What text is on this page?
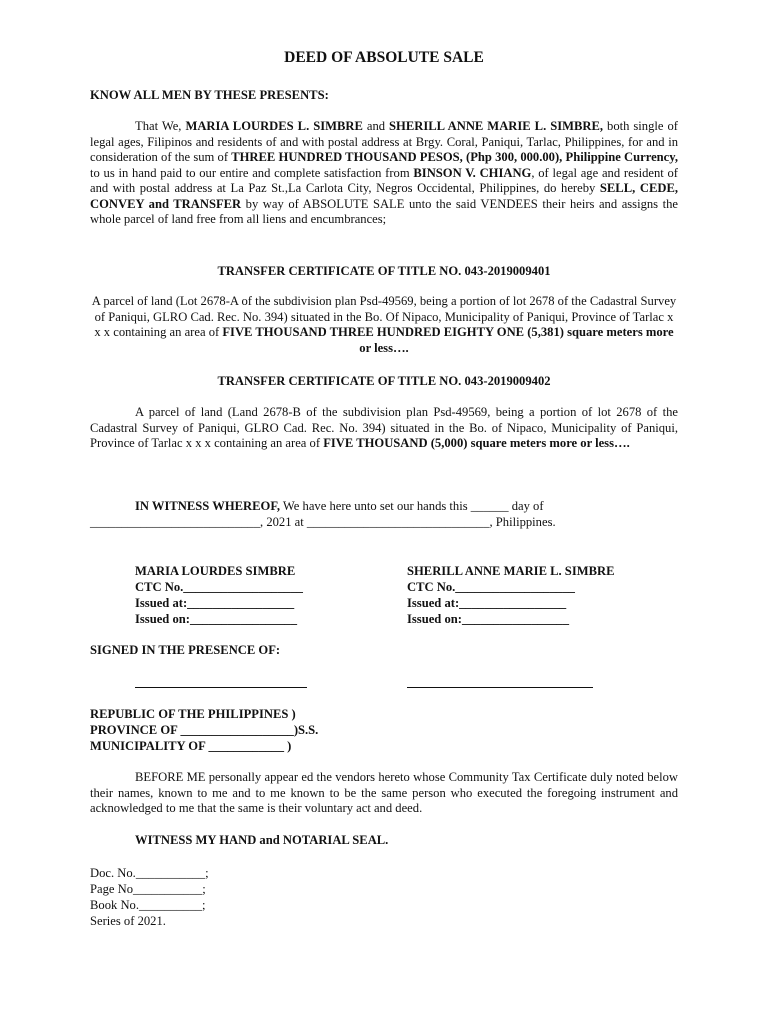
DEED OF ABSOLUTE SALE
KNOW ALL MEN BY THESE PRESENTS:

That We, MARIA LOURDES L. SIMBRE and SHERILL ANNE MARIE L. SIMBRE, both single of legal ages, Filipinos and residents of and with postal address at Brgy. Coral, Paniqui, Tarlac, Philippines, for and in consideration of the sum of THREE HUNDRED THOUSAND PESOS, (Php 300, 000.00), Philippine Currency, to us in hand paid to our entire and complete satisfaction from BINSON V. CHIANG, of legal age and resident of and with postal address at La Paz St.,La Carlota City, Negros Occidental, Philippines, do hereby SELL, CEDE, CONVEY and TRANSFER by way of ABSOLUTE SALE unto the said VENDEES their heirs and assigns the whole parcel of land free from all liens and encumbrances;

TRANSFER CERTIFICATE OF TITLE NO. 043-2019009401

A parcel of land (Lot 2678-A of the subdivision plan Psd-49569, being a portion of lot 2678 of the Cadastral Survey of Paniqui, GLRO Cad. Rec. No. 394) situated in the Bo. Of Nipaco, Municipality of Paniqui, Province of Tarlac x x x containing an area of FIVE THOUSAND THREE HUNDRED EIGHTY ONE (5,381) square meters more or less….

TRANSFER CERTIFICATE OF TITLE NO. 043-2019009402

A parcel of land (Land 2678-B of the subdivision plan Psd-49569, being a portion of lot 2678 of the Cadastral Survey of Paniqui, GLRO Cad. Rec. No. 394) situated in the Bo. of Nipaco, Municipality of Paniqui, Province of Tarlac x x x containing an area of FIVE THOUSAND (5,000) square meters more or less….

IN WITNESS WHEREOF, We have here unto set our hands this ______ day of

___________________________, 2021 at _____________________________, Philippines.
MARIA LOURDES SIMBRE
CTC No.___________________
Issued at:_________________
Issued on:_________________
SHERILL ANNE MARIE L. SIMBRE
CTC No.___________________
Issued at:_________________
Issued on:_________________
SIGNED IN THE PRESENCE OF:
REPUBLIC OF THE PHILIPPINES )
PROVINCE OF __________________)S.S.
MUNICIPALITY OF ____________ )

BEFORE ME personally appear ed the vendors hereto whose Community Tax Certificate duly noted below their names, known to me and to me known to be the same person who executed the foregoing instrument and acknowledged to me that the same is their voluntary act and deed.

WITNESS MY HAND and NOTARIAL SEAL.
Doc. No.___________;
Page No___________;
Book No.__________;
Series of 2021.
